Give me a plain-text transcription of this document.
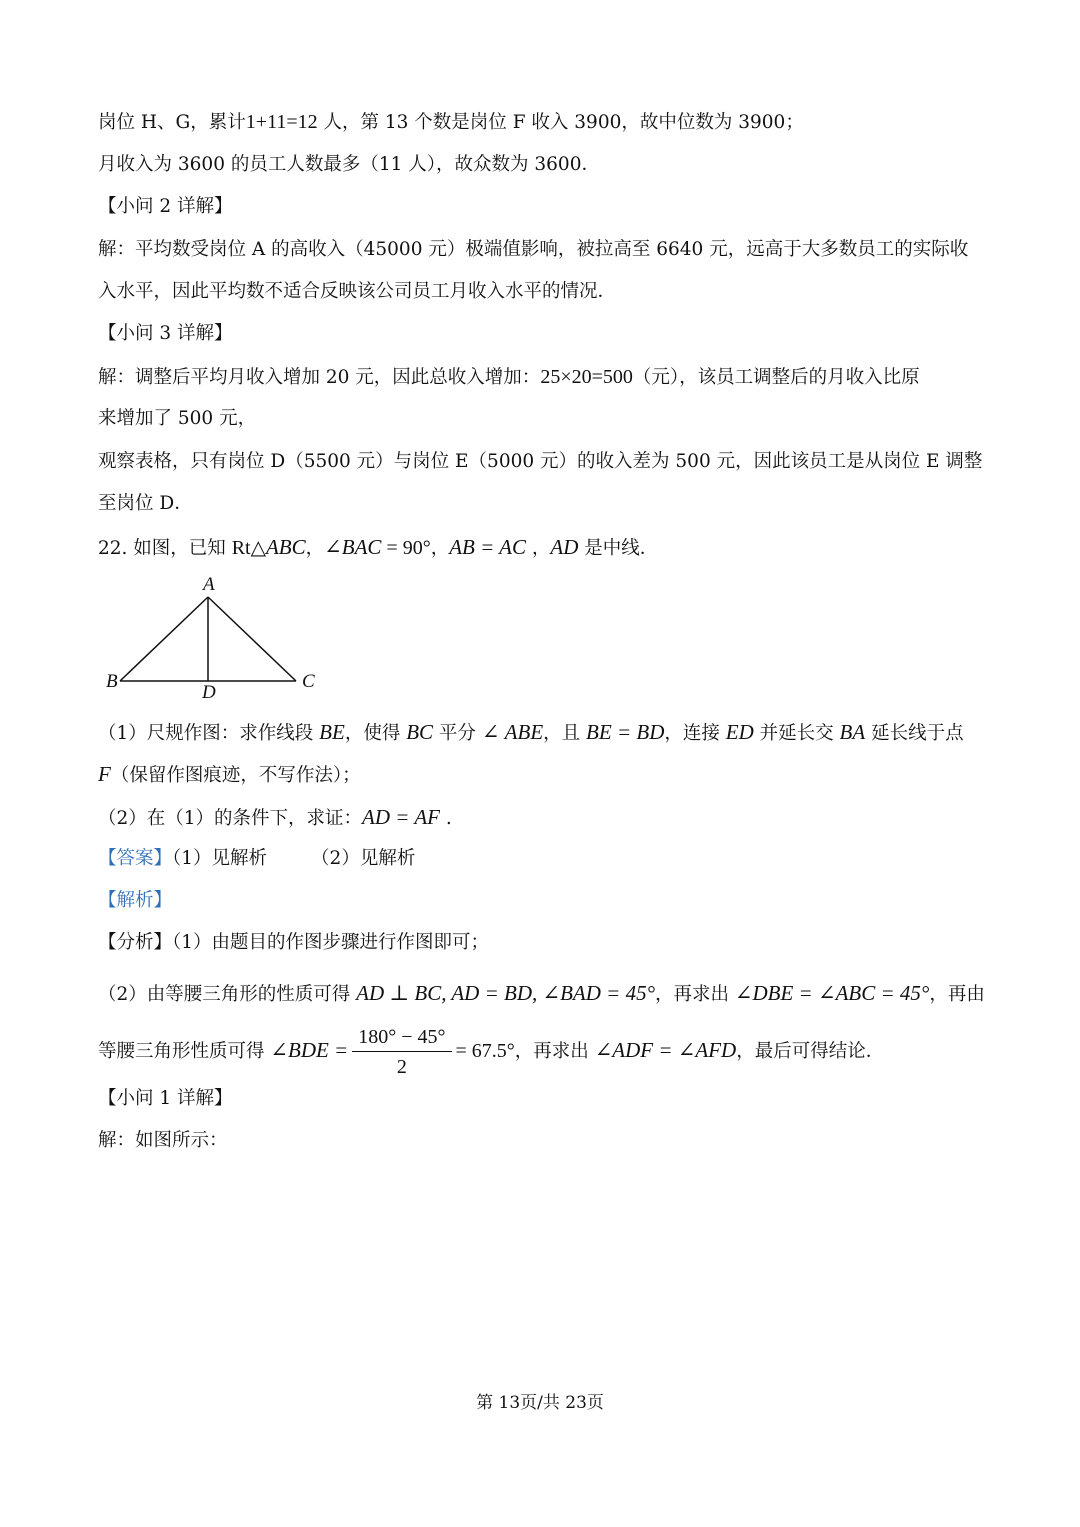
岗位 H、G，累计1+11=12 人，第 13 个数是岗位 F 收入 3900，故中位数为 3900；

月收入为 3600 的员工人数最多（11 人），故众数为 3600．

【小问 2 详解】

解：平均数受岗位 A 的高收入（45000 元）极端值影响，被拉高至 6640 元，远高于大多数员工的实际收

入水平，因此平均数不适合反映该公司员工月收入水平的情况．

【小问 3 详解】

解：调整后平均月收入增加 20 元，因此总收入增加：25×20=500（元），该员工调整后的月收入比原

来增加了 500 元，

观察表格，只有岗位 D（5500 元）与岗位 E（5000 元）的收入差为 500 元，因此该员工是从岗位 E 调整

至岗位 D．

22. 如图，已知 Rt△ABC，∠BAC = 90°，AB = AC ，AD 是中线．

A
B	C
D

（1）尺规作图：求作线段 BE，使得 BC 平分 ∠ ABE，且 BE = BD，连接 ED 并延长交 BA 延长线于点

F（保留作图痕迹，不写作法）；

（2）在（1）的条件下，求证：AD = AF .

【答案】（1）见解析 （2）见解析

【解析】

【分析】（1）由题目的作图步骤进行作图即可；

（2）由等腰三角形的性质可得 AD ⊥ BC, AD = BD, ∠BAD = 45°，再求出 ∠DBE = ∠ABC = 45°，再由

等腰三角形性质可得 ∠BDE = $\frac{180^\circ - 45^\circ}{2} = 67.5^\circ$，再求出 ∠ADF = ∠AFD，最后可得结论．

【小问 1 详解】

解：如图所示：

第 13页/共 23页
